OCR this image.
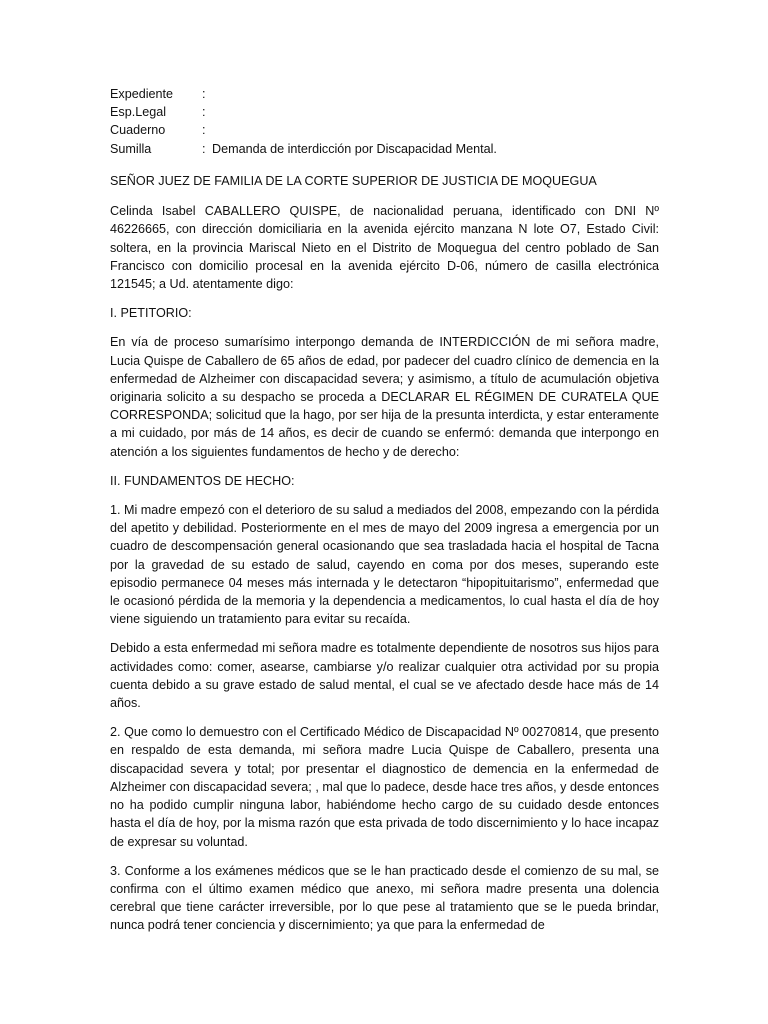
Expediente	:
Esp.Legal	:
Cuaderno	:
Sumilla	: Demanda de interdicción por Discapacidad Mental.

SEÑOR JUEZ DE FAMILIA DE LA CORTE SUPERIOR DE JUSTICIA DE MOQUEGUA

Celinda Isabel CABALLERO QUISPE, de nacionalidad peruana, identificado con DNI Nº 46226665, con dirección domiciliaria en la avenida ejército manzana N lote O7, Estado Civil: soltera, en la provincia Mariscal Nieto en el Distrito de Moquegua del centro poblado de San Francisco con domicilio procesal en la avenida ejército D-06, número de casilla electrónica 121545; a Ud. atentamente digo:

I. PETITORIO:

En vía de proceso sumarísimo interpongo demanda de INTERDICCIÓN de mi señora madre, Lucia Quispe de Caballero de 65 años de edad, por padecer del cuadro clínico de demencia en la enfermedad de Alzheimer con discapacidad severa; y asimismo, a título de acumulación objetiva originaria solicito a su despacho se proceda a DECLARAR EL RÉGIMEN DE CURATELA QUE CORRESPONDA; solicitud que la hago, por ser hija de la presunta interdicta, y estar enteramente a mi cuidado, por más de 14 años, es decir de cuando se enfermó: demanda que interpongo en atención a los siguientes fundamentos de hecho y de derecho:

II. FUNDAMENTOS DE HECHO:

1. Mi madre empezó con el deterioro de su salud a mediados del 2008, empezando con la pérdida del apetito y debilidad. Posteriormente en el mes de mayo del 2009 ingresa a emergencia por un cuadro de descompensación general ocasionando que sea trasladada hacia el hospital de Tacna por la gravedad de su estado de salud, cayendo en coma por dos meses, superando este episodio permanece 04 meses más internada y le detectaron “hipopituitarismo”, enfermedad que le ocasionó pérdida de la memoria y la dependencia a medicamentos, lo cual hasta el día de hoy viene siguiendo un tratamiento para evitar su recaída.

Debido a esta enfermedad mi señora madre es totalmente dependiente de nosotros sus hijos para actividades como: comer, asearse, cambiarse y/o realizar cualquier otra actividad por su propia cuenta debido a su grave estado de salud mental, el cual se ve afectado desde hace más de 14 años.

2. Que como lo demuestro con el Certificado Médico de Discapacidad Nº 00270814, que presento en respaldo de esta demanda, mi señora madre Lucia Quispe de Caballero, presenta una discapacidad severa y total; por presentar el diagnostico de demencia en la enfermedad de Alzheimer con discapacidad severa; , mal que lo padece, desde hace tres años, y desde entonces no ha podido cumplir ninguna labor, habiéndome hecho cargo de su cuidado desde entonces hasta el día de hoy, por la misma razón que esta privada de todo discernimiento y lo hace incapaz de expresar su voluntad.

3. Conforme a los exámenes médicos que se le han practicado desde el comienzo de su mal, se confirma con el último examen médico que anexo, mi señora madre presenta una dolencia cerebral que tiene carácter irreversible, por lo que pese al tratamiento que se le pueda brindar, nunca podrá tener conciencia y discernimiento; ya que para la enfermedad de
